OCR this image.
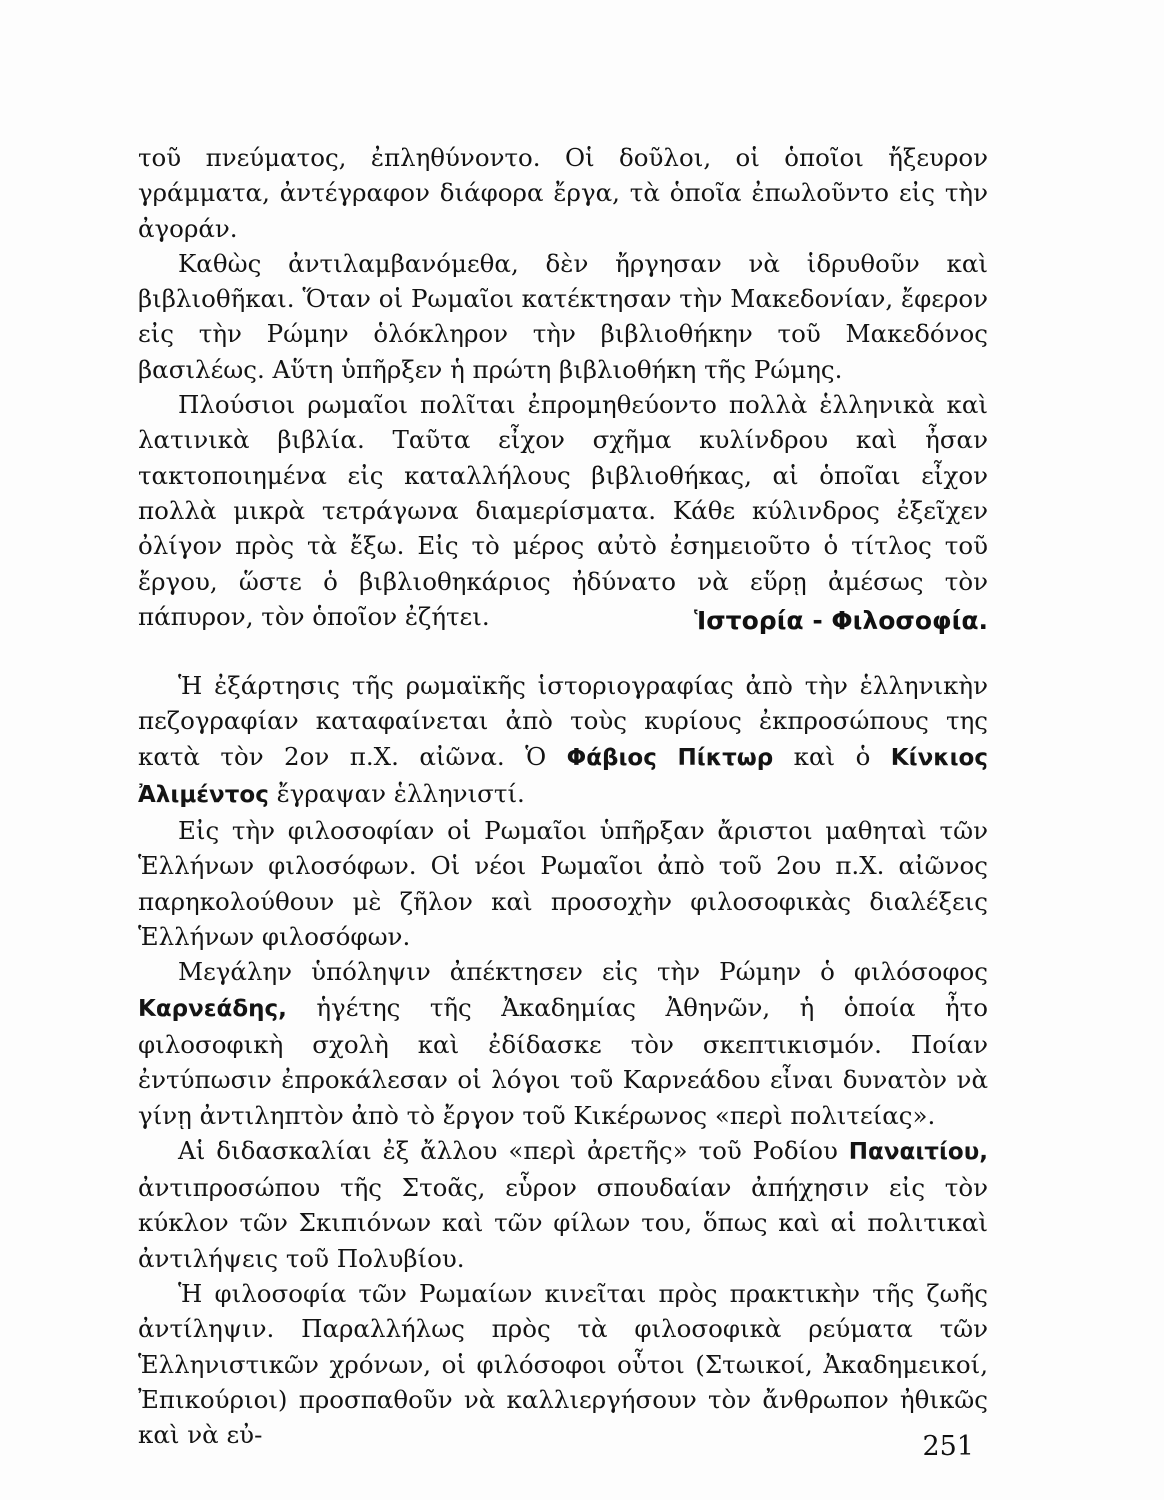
τοῦ πνεύματος, ἐπληθύνοντο. Οἱ δοῦλοι, οἱ ὁποῖοι ἤξευρον γράμματα, ἀντέγραφον διάφορα ἔργα, τὰ ὁποῖα ἐπωλοῦντο εἰς τὴν ἀγοράν.

Καθὼς ἀντιλαμβανόμεθα, δὲν ἤργησαν νὰ ἱδρυθοῦν καὶ βιβλιοθῆκαι. Ὅταν οἱ Ρωμαῖοι κατέκτησαν τὴν Μακεδονίαν, ἔφερον εἰς τὴν Ρώμην ὁλόκληρον τὴν βιβλιοθήκην τοῦ Μακεδόνος βασιλέως. Αὕτη ὑπῆρξεν ἡ πρώτη βιβλιοθήκη τῆς Ρώμης.

Πλούσιοι ρωμαῖοι πολῖται ἐπρομηθεύοντο πολλὰ ἑλληνικὰ καὶ λατινικὰ βιβλία. Ταῦτα εἶχον σχῆμα κυλίνδρου καὶ ἦσαν τακτοποιημένα εἰς καταλλήλους βιβλιοθήκας, αἱ ὁποῖαι εἶχον πολλὰ μικρὰ τετράγωνα διαμερίσματα. Κάθε κύλινδρος ἐξεῖχεν ὀλίγον πρὸς τὰ ἔξω. Εἰς τὸ μέρος αὐτὸ ἐσημειοῦτο ὁ τίτλος τοῦ ἔργου, ὥστε ὁ βιβλιοθηκάριος ἠδύνατο νὰ εὕρῃ ἀμέσως τὸν πάπυρον, τὸν ὁποῖον ἐζήτει.	Ἱστορία - Φιλοσοφία.

Ἡ ἐξάρτησις τῆς ρωμαϊκῆς ἱστοριογραφίας ἀπὸ τὴν ἑλληνικὴν πεζογραφίαν καταφαίνεται ἀπὸ τοὺς κυρίους ἐκπροσώπους της κατὰ τὸν 2ον π.Χ. αἰῶνα. Ὁ Φάβιος Πίκτωρ καὶ ὁ Κίνκιος Ἀλιμέντος ἔγραψαν ἑλληνιστί.

Εἰς τὴν φιλοσοφίαν οἱ Ρωμαῖοι ὑπῆρξαν ἄριστοι μαθηταὶ τῶν Ἑλλήνων φιλοσόφων. Οἱ νέοι Ρωμαῖοι ἀπὸ τοῦ 2ου π.Χ. αἰῶνος παρηκολούθουν μὲ ζῆλον καὶ προσοχὴν φιλοσοφικὰς διαλέξεις Ἑλλήνων φιλοσόφων.

Μεγάλην ὑπόληψιν ἀπέκτησεν εἰς τὴν Ρώμην ὁ φιλόσοφος Καρνεάδης, ἡγέτης τῆς Ἀκαδημίας Ἀθηνῶν, ἡ ὁποία ἦτο φιλοσοφικὴ σχολὴ καὶ ἐδίδασκε τὸν σκεπτικισμόν. Ποίαν ἐντύπωσιν ἐπροκάλεσαν οἱ λόγοι τοῦ Καρνεάδου εἶναι δυνατὸν νὰ γίνῃ ἀντιληπτὸν ἀπὸ τὸ ἔργον τοῦ Κικέρωνος «περὶ πολιτείας».

Αἱ διδασκαλίαι ἐξ ἄλλου «περὶ ἀρετῆς» τοῦ Ροδίου Παναιτίου, ἀντιπροσώπου τῆς Στοᾶς, εὗρον σπουδαίαν ἀπήχησιν εἰς τὸν κύκλον τῶν Σκιπιόνων καὶ τῶν φίλων του, ὅπως καὶ αἱ πολιτικαὶ ἀντιλήψεις τοῦ Πολυβίου.

Ἡ φιλοσοφία τῶν Ρωμαίων κινεῖται πρὸς πρακτικὴν τῆς ζωῆς ἀντίληψιν. Παραλλήλως πρὸς τὰ φιλοσοφικὰ ρεύματα τῶν Ἑλληνιστικῶν χρόνων, οἱ φιλόσοφοι οὗτοι (Στωικοί, Ἀκαδημεικοί, Ἐπικούριοι) προσπαθοῦν νὰ καλλιεργήσουν τὸν ἄνθρωπον ἠθικῶς καὶ νὰ εὐ-	251
